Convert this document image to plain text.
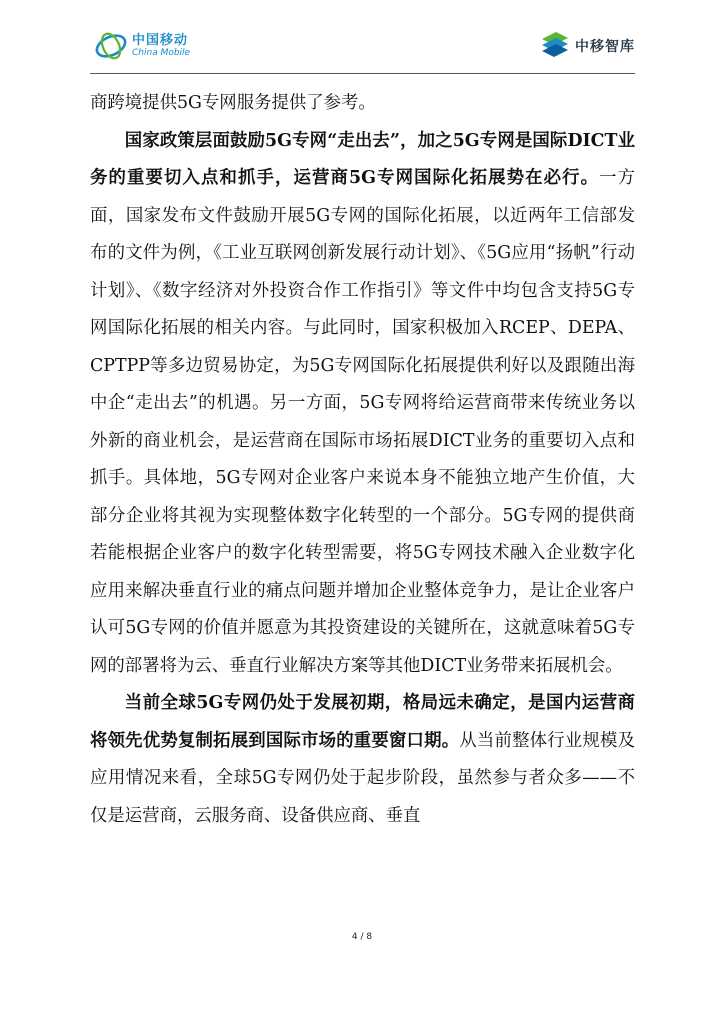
中国移动
China Mobile	中移智库

商跨境提供5G专网服务提供了参考。

国家政策层面鼓励5G专网“走出去”，加之5G专网是国际DICT业务的重要切入点和抓手，运营商5G专网国际化拓展势在必行。一方面，国家发布文件鼓励开展5G专网的国际化拓展，以近两年工信部发布的文件为例，《工业互联网创新发展行动计划》、《5G应用“扬帆”行动计划》、《数字经济对外投资合作工作指引》等文件中均包含支持5G专网国际化拓展的相关内容。与此同时，国家积极加入RCEP、DEPA、CPTPP等多边贸易协定，为5G专网国际化拓展提供利好以及跟随出海中企“走出去”的机遇。另一方面，5G专网将给运营商带来传统业务以外新的商业机会，是运营商在国际市场拓展DICT业务的重要切入点和抓手。具体地，5G专网对企业客户来说本身不能独立地产生价值，大部分企业将其视为实现整体数字化转型的一个部分。5G专网的提供商若能根据企业客户的数字化转型需要，将5G专网技术融入企业数字化应用来解决垂直行业的痛点问题并增加企业整体竞争力，是让企业客户认可5G专网的价值并愿意为其投资建设的关键所在，这就意味着5G专网的部署将为云、垂直行业解决方案等其他DICT业务带来拓展机会。

当前全球5G专网仍处于发展初期，格局远未确定，是国内运营商将领先优势复制拓展到国际市场的重要窗口期。从当前整体行业规模及应用情况来看，全球5G专网仍处于起步阶段，虽然参与者众多——不仅是运营商，云服务商、设备供应商、垂直

4 / 8
